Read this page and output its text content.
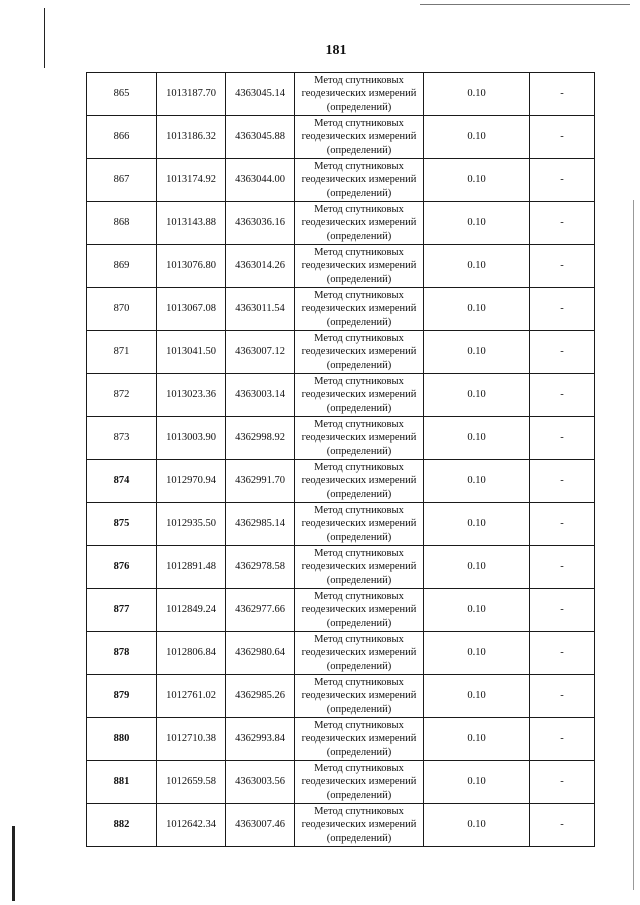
181
865	1013187.70	4363045.14	Метод спутниковых
геодезических измерений
(определений)	0.10	-
866	1013186.32	4363045.88	Метод спутниковых
геодезических измерений
(определений)	0.10	-
867	1013174.92	4363044.00	Метод спутниковых
геодезических измерений
(определений)	0.10	-
868	1013143.88	4363036.16	Метод спутниковых
геодезических измерений
(определений)	0.10	-
869	1013076.80	4363014.26	Метод спутниковых
геодезических измерений
(определений)	0.10	-
870	1013067.08	4363011.54	Метод спутниковых
геодезических измерений
(определений)	0.10	-
871	1013041.50	4363007.12	Метод спутниковых
геодезических измерений
(определений)	0.10	-
872	1013023.36	4363003.14	Метод спутниковых
геодезических измерений
(определений)	0.10	-
873	1013003.90	4362998.92	Метод спутниковых
геодезических измерений
(определений)	0.10	-
874	1012970.94	4362991.70	Метод спутниковых
геодезических измерений
(определений)	0.10	-
875	1012935.50	4362985.14	Метод спутниковых
геодезических измерений
(определений)	0.10	-
876	1012891.48	4362978.58	Метод спутниковых
геодезических измерений
(определений)	0.10	-
877	1012849.24	4362977.66	Метод спутниковых
геодезических измерений
(определений)	0.10	-
878	1012806.84	4362980.64	Метод спутниковых
геодезических измерений
(определений)	0.10	-
879	1012761.02	4362985.26	Метод спутниковых
геодезических измерений
(определений)	0.10	-
880	1012710.38	4362993.84	Метод спутниковых
геодезических измерений
(определений)	0.10	-
881	1012659.58	4363003.56	Метод спутниковых
геодезических измерений
(определений)	0.10	-
882	1012642.34	4363007.46	Метод спутниковых
геодезических измерений
(определений)	0.10	-
